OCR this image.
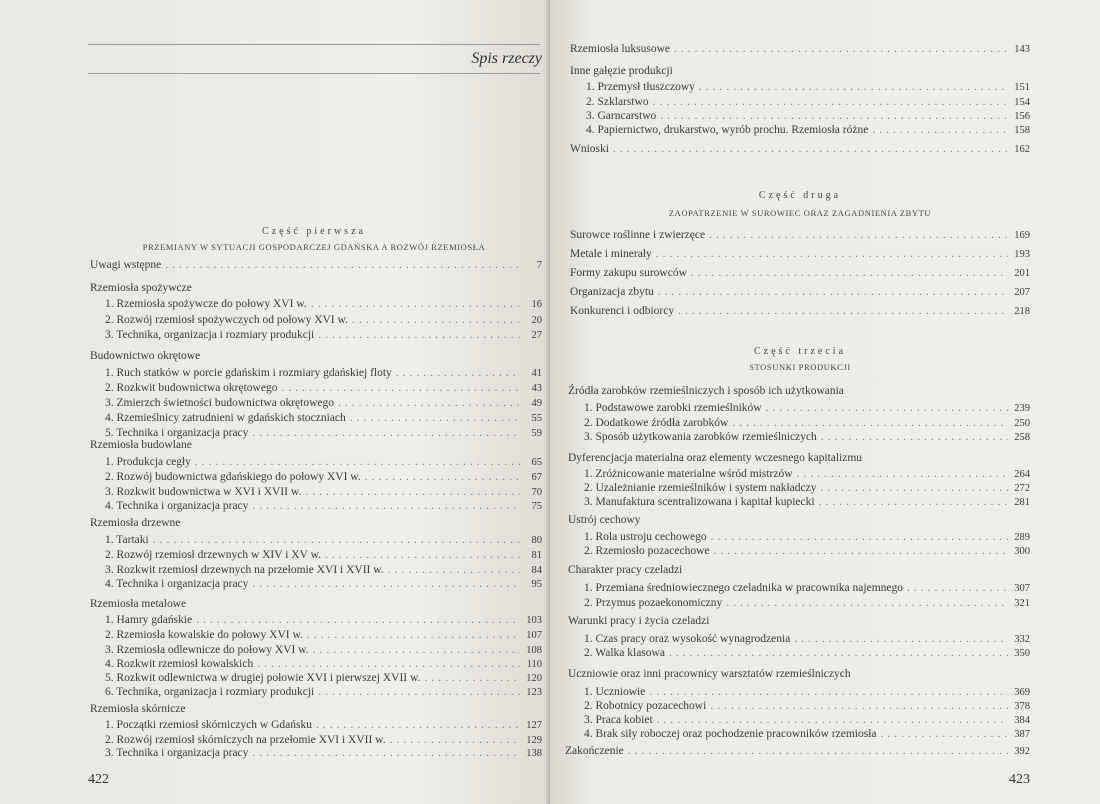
Spis rzeczy
Część pierwsza
PRZEMIANY W SYTUACJI GOSPODARCZEJ GDAŃSKA A ROZWÓJ RZEMIOSŁA
Uwagi wstępne .....	7
Rzemiosła spożywcze
1. Rzemiosła spożywcze do połowy XVI w. .....	16
2. Rozwój rzemiosł spożywczych od połowy XVI w. .....	20
3. Technika, organizacja i rozmiary produkcji .....	27
Budownictwo okrętowe
1. Ruch statków w porcie gdańskim i rozmiary gdańskiej floty .....	41
2. Rozkwit budownictwa okrętowego .....	43
3. Zmierzch świetności budownictwa okrętowego .....	49
4. Rzemieślnicy zatrudnieni w gdańskich stoczniach .....	55
5. Technika i organizacja pracy .....	59
Rzemiosła budowlane
1. Produkcja cegły .....	65
2. Rozwój budownictwa gdańskiego do połowy XVI w. .....	67
3. Rozkwit budownictwa w XVI i XVII w. .....	70
4. Technika i organizacja pracy .....	75
Rzemiosła drzewne
1. Tartaki .....	80
2. Rozwój rzemiosł drzewnych w XIV i XV w. .....	81
3. Rozkwit rzemiosł drzewnych na przełomie XVI i XVII w. .....	84
4. Technika i organizacja pracy .....	95
Rzemiosła metalowe
1. Hamry gdańskie .....	103
2. Rzemiosła kowalskie do połowy XVI w. .....	107
3. Rzemiosła odlewnicze do połowy XVI w. .....	108
4. Rozkwit rzemiosł kowalskich .....	110
5. Rozkwit odlewnictwa w drugiej połowie XVI i pierwszej XVII w. .....	120
6. Technika, organizacja i rozmiary produkcji .....	123
Rzemiosła skórnicze
1. Początki rzemiosł skórniczych w Gdańsku .....	127
2. Rozwój rzemiosł skórniczych na przełomie XVI i XVII w. .....	129
3. Technika i organizacja pracy .....	138
422
Rzemiosła luksusowe .....	143
Inne gałęzie produkcji
1. Przemysł tłuszczowy .....	151
2. Szklarstwo .....	154
3. Garncarstwo .....	156
4. Papiernictwo, drukarstwo, wyrób prochu. Rzemiosła różne .....	158
Wnioski .....	162
Część druga
ZAOPATRZENIE W SUROWIEC ORAZ ZAGADNIENIA ZBYTU
Surowce roślinne i zwierzęce .....	169
Metale i minerały .....	193
Formy zakupu surowców .....	201
Organizacja zbytu .....	207
Konkurenci i odbiorcy .....	218
Część trzecia
STOSUNKI PRODUKCJI
Źródła zarobków rzemieślniczych i sposób ich użytkowania
1. Podstawowe zarobki rzemieślników .....	239
2. Dodatkowe źródła zarobków .....	250
3. Sposób użytkowania zarobków rzemieślniczych .....	258
Dyferencjacja materialna oraz elementy wczesnego kapitalizmu
1. Zróżnicowanie materialne wśród mistrzów .....	264
2. Uzależnianie rzemieślników i system nakładczy .....	272
3. Manufaktura scentralizowana i kapitał kupiecki .....	281
Ustrój cechowy
1. Rola ustroju cechowego .....	289
2. Rzemiosło pozacechowe .....	300
Charakter pracy czeladzi
1. Przemiana średniowiecznego czeladnika w pracownika najemnego .....	307
2. Przymus pozaekonomiczny .....	321
Warunki pracy i życia czeladzi
1. Czas pracy oraz wysokość wynagrodzenia .....	332
2. Walka klasowa .....	350
Uczniowie oraz inni pracownicy warsztatów rzemieślniczych
1. Uczniowie .....	369
2. Robotnicy pozacechowi .....	378
3. Praca kobiet .....	384
4. Brak siły roboczej oraz pochodzenie pracowników rzemiosła .....	387
Zakończenie .....	392
423
